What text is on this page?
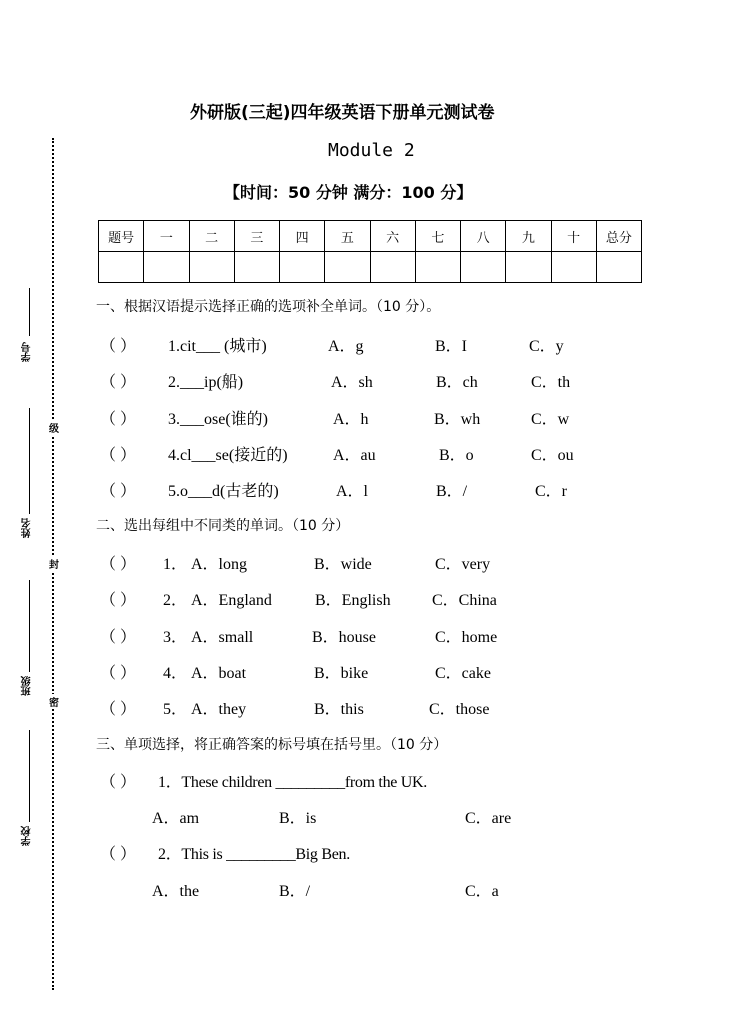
学号
姓名
班级
学校
级
封
密
外研版(三起)四年级英语下册单元测试卷
Module 2
【时间：50 分钟 满分：100 分】
题号	一	二	三	四	五	六	七	八	九	十	总分

一、根据汉语提示选择正确的选项补全单词。（10 分）。
（ ） 1.cit___ (城市)	A．g	B．I	C．y
（ ） 2.___ip(船)	A．sh	B．ch	C．th
（ ） 3.___ose(谁的)	A．h	B．wh	C．w
（ ） 4.cl___se(接近的)	A．au	B．o	C．ou
（ ） 5.o___d(古老的)	A．l	B．/	C．r
二、选出每组中不同类的单词。（10 分）
（ ） 1． A．long	B．wide	C．very
（ ） 2． A．England	B．English	C．China
（ ） 3． A．small	B．house	C．home
（ ） 4． A．boat	B．bike	C．cake
（ ） 5． A．they	B．this	C．those
三、单项选择，将正确答案的标号填在括号里。（10 分）
（ ） 1．These children _________from the UK.
A．am	B．is	C．are
（ ） 2．This is _________Big Ben.
A．the	B．/	C．a
